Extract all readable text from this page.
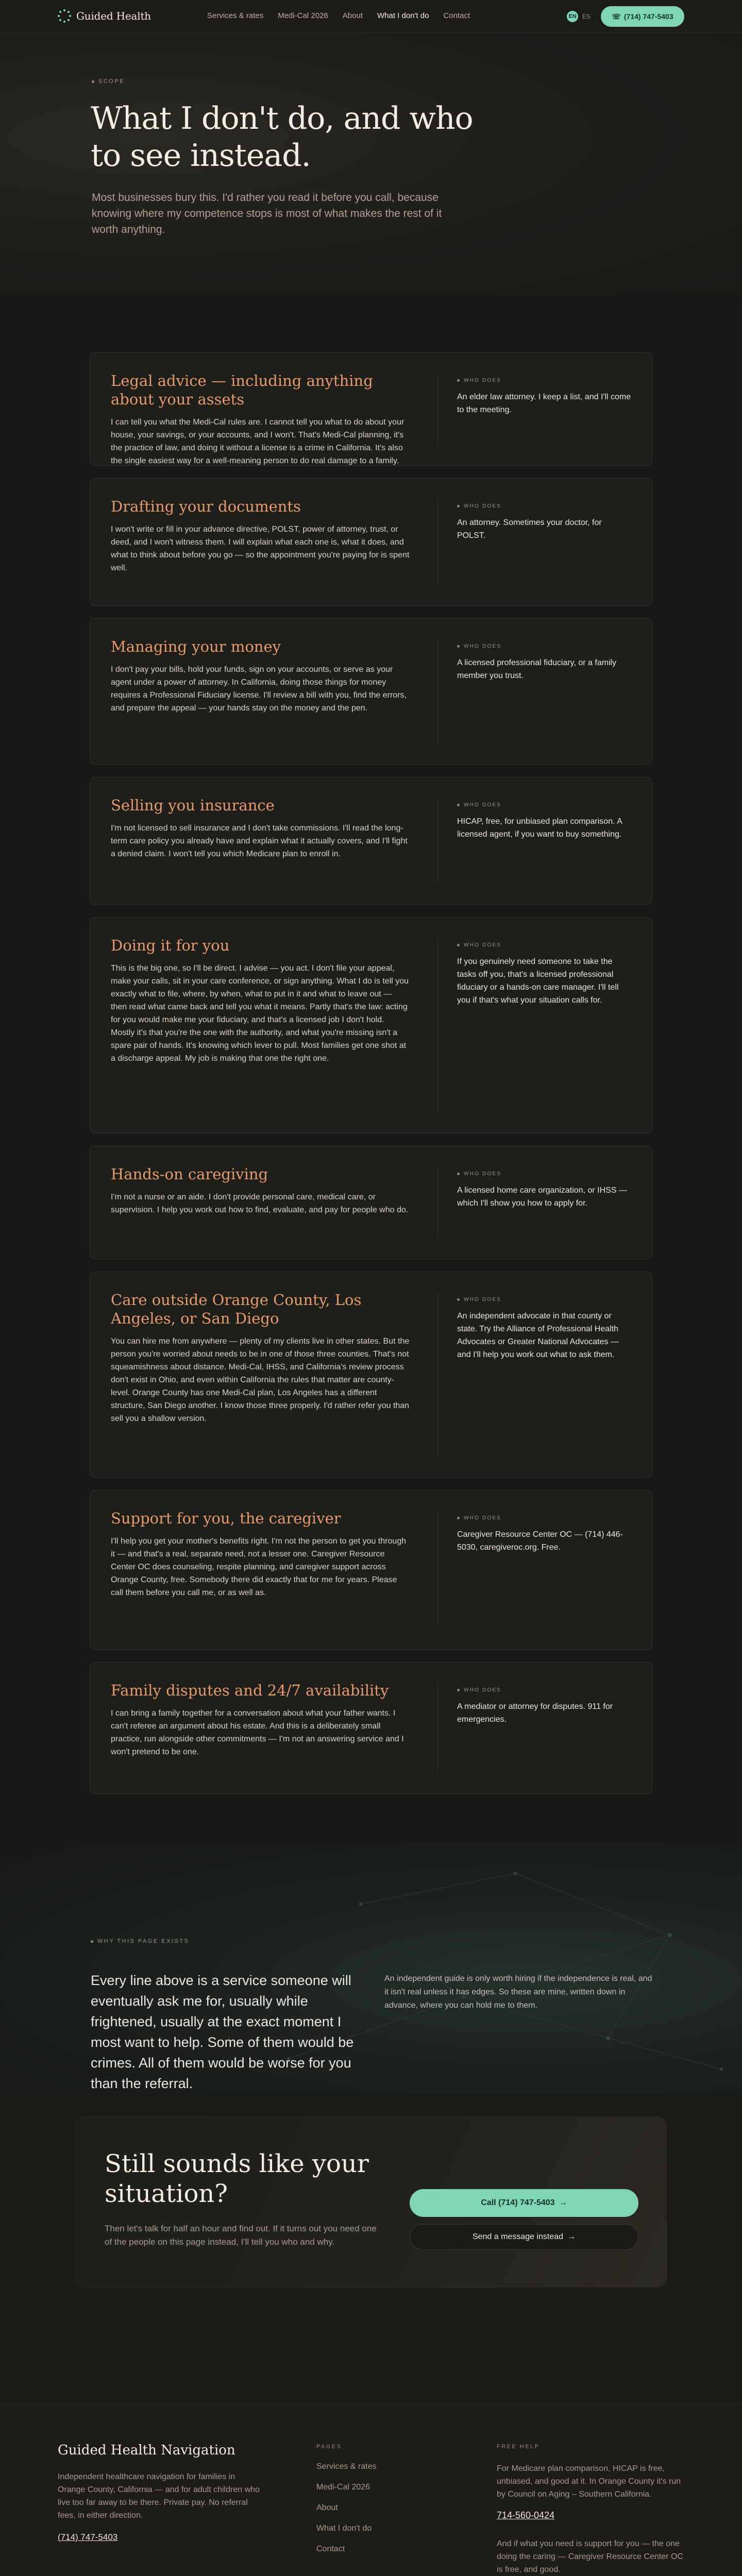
Guided Health	Services & rates Medi-Cal 2026 About What I don't do Contact	EN ES	☏ (714) 747-5403
SCOPE
What I don't do, and who to see instead.

Most businesses bury this. I'd rather you read it before you call, because knowing where my competence stops is most of what makes the rest of it worth anything.

Legal advice — including anything about your assets
I can tell you what the Medi-Cal rules are. I cannot tell you what to do about your house, your savings, or your accounts, and I won't. That's Medi-Cal planning, it's the practice of law, and doing it without a license is a crime in California. It's also the single easiest way for a well-meaning person to do real damage to a family.
WHO DOES
An elder law attorney. I keep a list, and I'll come to the meeting.
Drafting your documents
I won't write or fill in your advance directive, POLST, power of attorney, trust, or deed, and I won't witness them. I will explain what each one is, what it does, and what to think about before you go — so the appointment you're paying for is spent well.
WHO DOES
An attorney. Sometimes your doctor, for POLST.
Managing your money
I don't pay your bills, hold your funds, sign on your accounts, or serve as your agent under a power of attorney. In California, doing those things for money requires a Professional Fiduciary license. I'll review a bill with you, find the errors, and prepare the appeal — your hands stay on the money and the pen.
WHO DOES
A licensed professional fiduciary, or a family member you trust.
Selling you insurance
I'm not licensed to sell insurance and I don't take commissions. I'll read the long-term care policy you already have and explain what it actually covers, and I'll fight a denied claim. I won't tell you which Medicare plan to enroll in.
WHO DOES
HICAP, free, for unbiased plan comparison. A licensed agent, if you want to buy something.
Doing it for you
This is the big one, so I'll be direct. I advise — you act. I don't file your appeal, make your calls, sit in your care conference, or sign anything. What I do is tell you exactly what to file, where, by when, what to put in it and what to leave out — then read what came back and tell you what it means. Partly that's the law: acting for you would make me your fiduciary, and that's a licensed job I don't hold. Mostly it's that you're the one with the authority, and what you're missing isn't a spare pair of hands. It's knowing which lever to pull. Most families get one shot at a discharge appeal. My job is making that one the right one.
WHO DOES
If you genuinely need someone to take the tasks off you, that's a licensed professional fiduciary or a hands-on care manager. I'll tell you if that's what your situation calls for.
Hands-on caregiving
I'm not a nurse or an aide. I don't provide personal care, medical care, or supervision. I help you work out how to find, evaluate, and pay for people who do.
WHO DOES
A licensed home care organization, or IHSS — which I'll show you how to apply for.
Care outside Orange County, Los Angeles, or San Diego
You can hire me from anywhere — plenty of my clients live in other states. But the person you're worried about needs to be in one of those three counties. That's not squeamishness about distance. Medi-Cal, IHSS, and California's review process don't exist in Ohio, and even within California the rules that matter are county-level. Orange County has one Medi-Cal plan, Los Angeles has a different structure, San Diego another. I know those three properly. I'd rather refer you than sell you a shallow version.
WHO DOES
An independent advocate in that county or state. Try the Alliance of Professional Health Advocates or Greater National Advocates — and I'll help you work out what to ask them.
Support for you, the caregiver
I'll help you get your mother's benefits right. I'm not the person to get you through it — and that's a real, separate need, not a lesser one. Caregiver Resource Center OC does counseling, respite planning, and caregiver support across Orange County, free. Somebody there did exactly that for me for years. Please call them before you call me, or as well as.
WHO DOES
Caregiver Resource Center OC — (714) 446-5030, caregiveroc.org. Free.
Family disputes and 24/7 availability
I can bring a family together for a conversation about what your father wants. I can't referee an argument about his estate. And this is a deliberately small practice, run alongside other commitments — I'm not an answering service and I won't pretend to be one.
WHO DOES
A mediator or attorney for disputes. 911 for emergencies.
WHY THIS PAGE EXISTS
Every line above is a service someone will eventually ask me for, usually while frightened, usually at the exact moment I most want to help. Some of them would be crimes. All of them would be worse for you than the referral.
An independent guide is only worth hiring if the independence is real, and it isn't real unless it has edges. So these are mine, written down in advance, where you can hold me to them.
Still sounds like your situation?

Then let's talk for half an hour and find out. If it turns out you need one of the people on this page instead, I'll tell you who and why.

Call (714) 747-5403 →
Send a message instead →
Guided Health Navigation
Independent healthcare navigation for families in Orange County, California — and for adult children who live too far away to be there. Private pay. No referral fees, in either direction.
(714) 747-5403
PAGES
Services & rates
Medi-Cal 2026
About
What I don't do
Contact
FREE HELP
For Medicare plan comparison, HICAP is free, unbiased, and good at it. In Orange County it's run by Council on Aging – Southern California.
714-560-0424
And if what you need is support for you — the one doing the caring — Caregiver Resource Center OC is free, and good.
